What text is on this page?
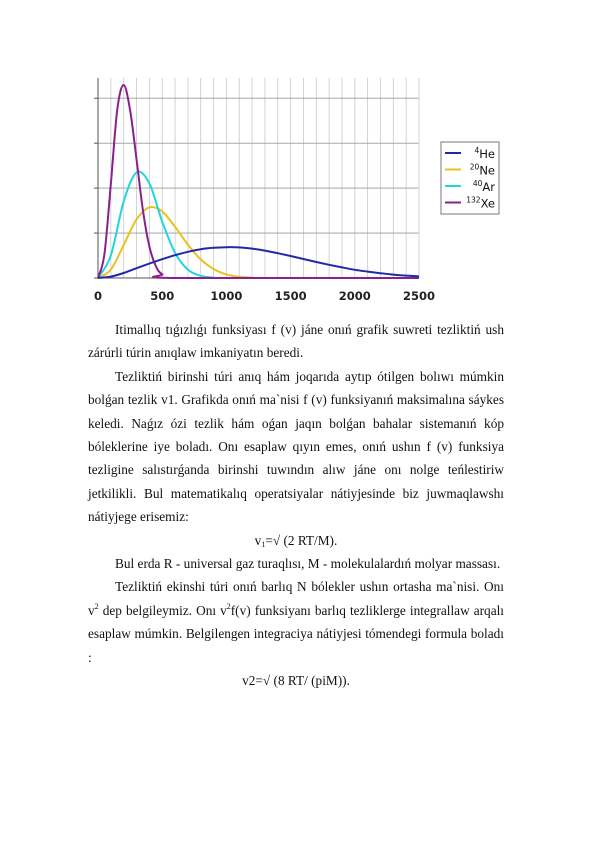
0	500	1000	1500	2000	2500
$^4$He
$^{20}$Ne
$^{40}$Ar
$^{132}$Xe

Itimallıq tıǵızlıǵı funksiyası f (v) jáne onıń grafik suwreti tezliktiń ush zárúrli túrin anıqlaw imkaniyatın beredi.

Tezliktiń birinshi túri anıq hám joqarıda aytıp ótilgen bolıwı múmkin bolǵan tezlik v1. Grafikda onıń ma`nisi f (v) funksiyanıń maksimalına sáykes keledi. Naǵız ózi tezlik hám oǵan jaqın bolǵan bahalar sistemanıń kóp bóleklerine iye boladı. Onı esaplaw qıyın emes, onıń ushın f (v) funksiya tezligine salıstırǵanda birinshi tuwındın alıw jáne onı nolge teńlestiriw jetkilikli. Bul matematikalıq operatsiyalar nátiyjesinde biz juwmaqlawshı nátiyjege erisemiz:

$v_1=√$ (2 RT/M).

Bul erda R - universal gaz turaqlısı, M - molekulalardıń molyar massası.

Tezliktiń ekinshi túri onıń barlıq N bólekler ushın ortasha ma`nisi. Onı $v^2$ dep belgileymiz. Onı $v^2f(v)$ funksiyanı barlıq tezliklerge integrallaw arqalı esaplaw múmkin. Belgilengen integraciya nátiyjesi tómendegi formula boladı :

v2=√ (8 RT/ (piM)).
